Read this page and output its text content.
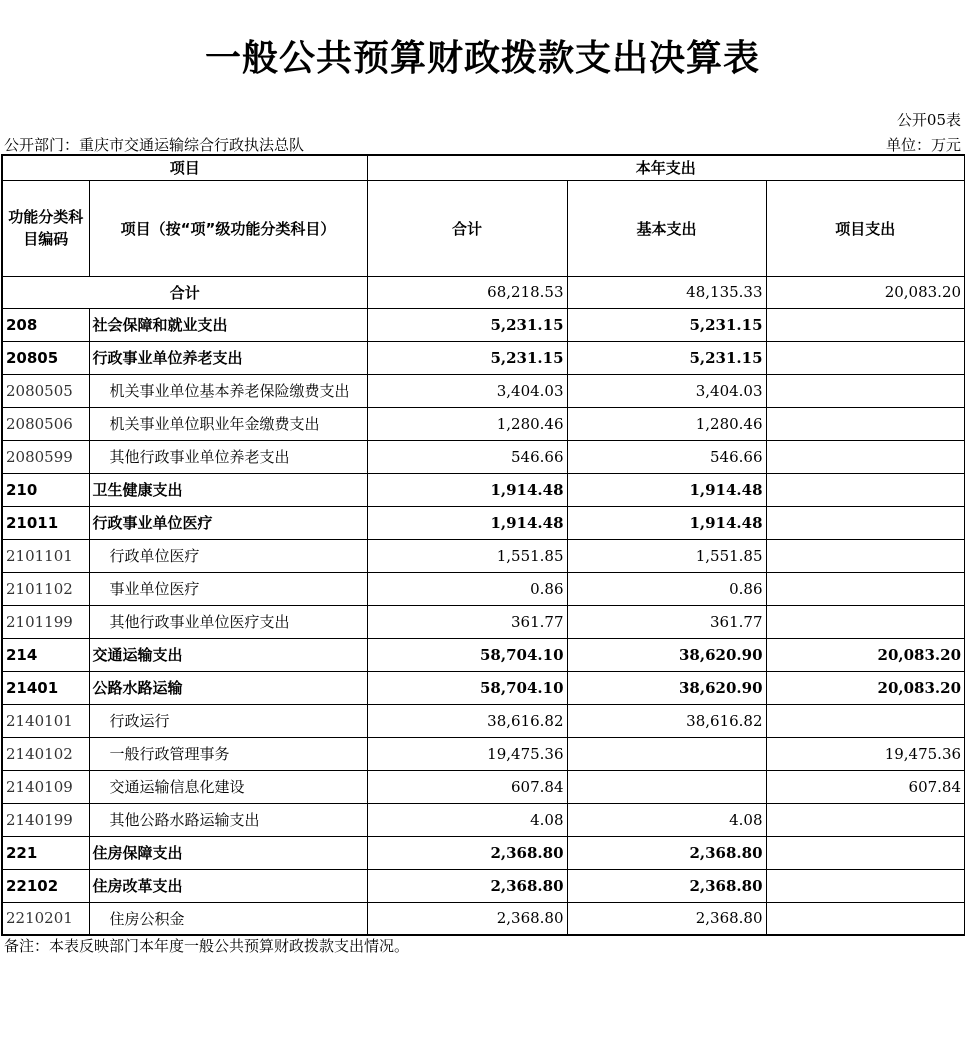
一般公共预算财政拨款支出决算表
公开05表
公开部门：重庆市交通运输综合行政执法总队	单位：万元
项目		本年支出		
功能分类科目编码	项目（按“项”级功能分类科目）	合计	基本支出	项目支出
合计		68,218.53	48,135.33	20,083.20
208	社会保障和就业支出	5,231.15	5,231.15	
20805	行政事业单位养老支出	5,231.15	5,231.15	
2080505	机关事业单位基本养老保险缴费支出	3,404.03	3,404.03	
2080506	机关事业单位职业年金缴费支出	1,280.46	1,280.46	
2080599	其他行政事业单位养老支出	546.66	546.66	
210	卫生健康支出	1,914.48	1,914.48	
21011	行政事业单位医疗	1,914.48	1,914.48	
2101101	行政单位医疗	1,551.85	1,551.85	
2101102	事业单位医疗	0.86	0.86	
2101199	其他行政事业单位医疗支出	361.77	361.77	
214	交通运输支出	58,704.10	38,620.90	20,083.20
21401	公路水路运输	58,704.10	38,620.90	20,083.20
2140101	行政运行	38,616.82	38,616.82	
2140102	一般行政管理事务	19,475.36		19,475.36
2140109	交通运输信息化建设	607.84		607.84
2140199	其他公路水路运输支出	4.08	4.08	
221	住房保障支出	2,368.80	2,368.80	
22102	住房改革支出	2,368.80	2,368.80	
2210201	住房公积金	2,368.80	2,368.80	
备注：本表反映部门本年度一般公共预算财政拨款支出情况。
